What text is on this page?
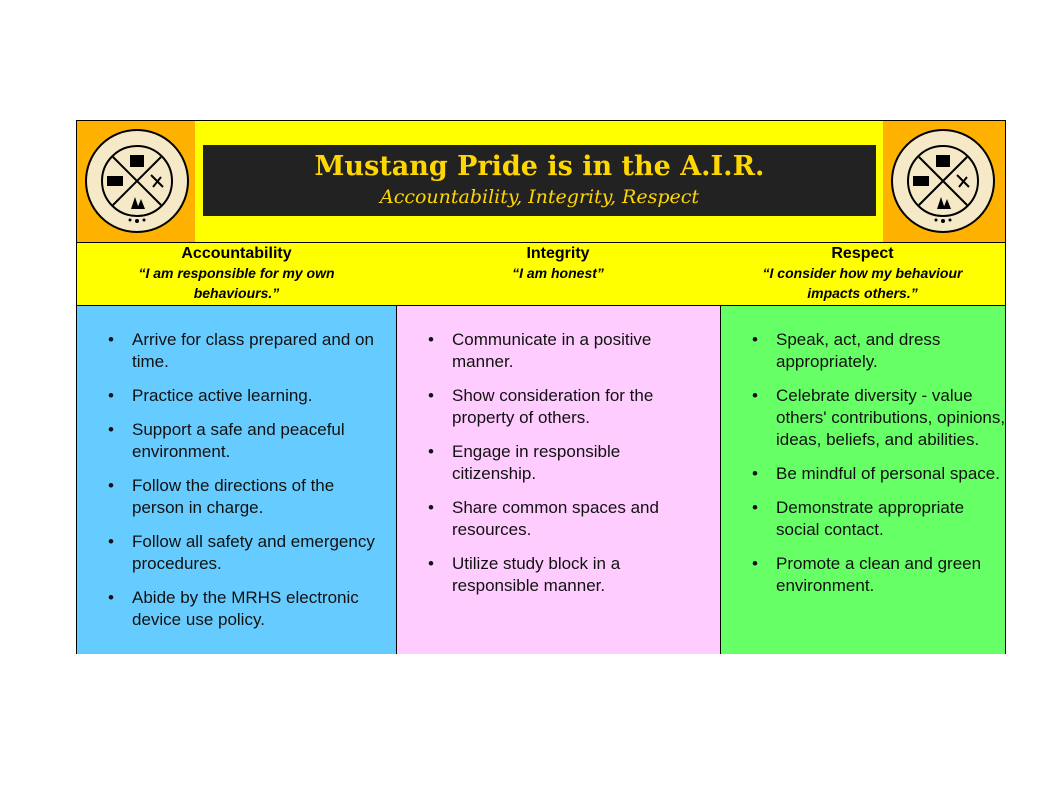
Mustang Pride is in the A.I.R.
Accountability, Integrity, Respect
Accountability
“I am responsible for my own
behaviours.”
Integrity
“I am honest”
Respect
“I consider how my behaviour
impacts others.”
• Arrive for class prepared and on time.
• Practice active learning.
• Support a safe and peaceful environment.
• Follow the directions of the person in charge.
• Follow all safety and emergency procedures.
• Abide by the MRHS electronic device use policy.
• Communicate in a positive manner.
• Show consideration for the property of others.
• Engage in responsible citizenship.
• Share common spaces and resources.
• Utilize study block in a responsible manner.
• Speak, act, and dress appropriately.
• Celebrate diversity - value others' contributions, opinions, ideas, beliefs, and abilities.
• Be mindful of personal space.
• Demonstrate appropriate social contact.
• Promote a clean and green environment.
